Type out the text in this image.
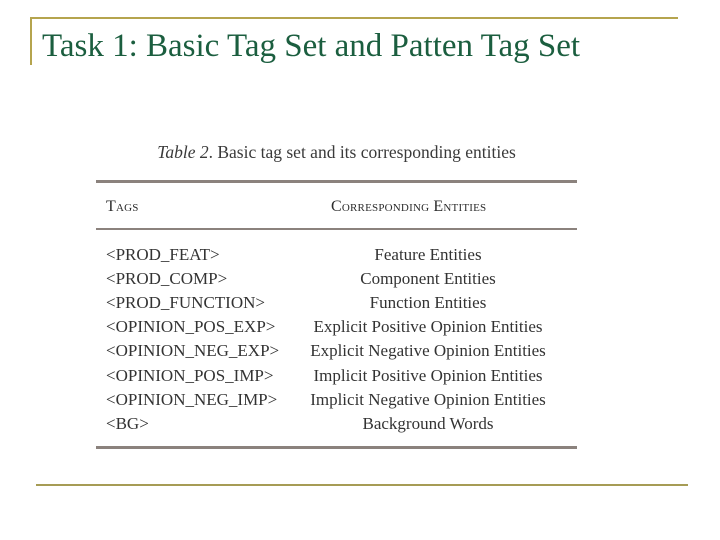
Task 1: Basic Tag Set and Patten Tag Set
Table 2. Basic tag set and its corresponding entities
Tags	Corresponding Entities
<PROD_FEAT>	Feature Entities
<PROD_COMP>	Component Entities
<PROD_FUNCTION>	Function Entities
<OPINION_POS_EXP>	Explicit Positive Opinion Entities
<OPINION_NEG_EXP>	Explicit Negative Opinion Entities
<OPINION_POS_IMP>	Implicit Positive Opinion Entities
<OPINION_NEG_IMP>	Implicit Negative Opinion Entities
<BG>	Background Words
